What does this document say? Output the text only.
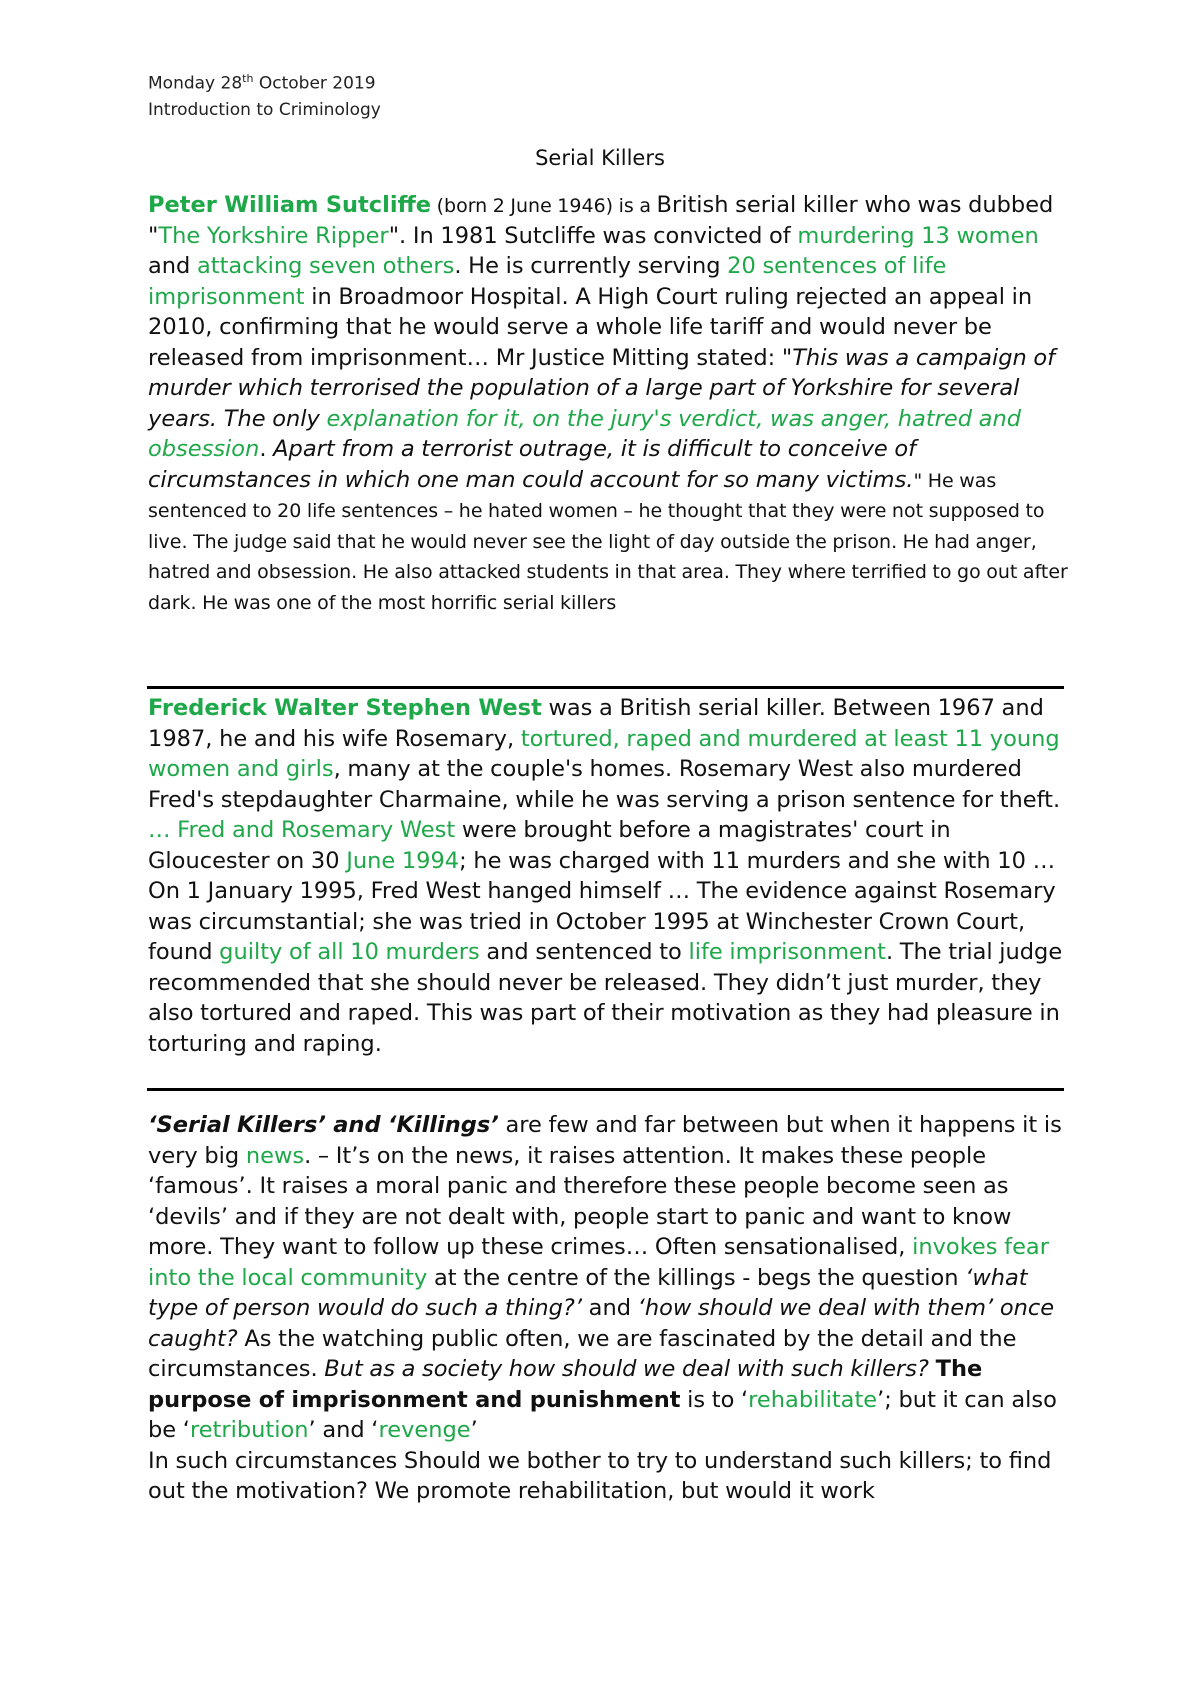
Monday 28th October 2019
Introduction to Criminology
Serial Killers
Peter William Sutcliffe (born 2 June 1946) is a British serial killer who was dubbed "The Yorkshire Ripper". In 1981 Sutcliffe was convicted of murdering 13 women and attacking seven others. He is currently serving 20 sentences of life imprisonment in Broadmoor Hospital. A High Court ruling rejected an appeal in 2010, confirming that he would serve a whole life tariff and would never be released from imprisonment… Mr Justice Mitting stated: "This was a campaign of murder which terrorised the population of a large part of Yorkshire for several years. The only explanation for it, on the jury's verdict, was anger, hatred and obsession. Apart from a terrorist outrage, it is difficult to conceive of circumstances in which one man could account for so many victims." He was sentenced to 20 life sentences – he hated women – he thought that they were not supposed to live. The judge said that he would never see the light of day outside the prison. He had anger, hatred and obsession. He also attacked students in that area. They where terrified to go out after dark. He was one of the most horrific serial killers
Frederick Walter Stephen West was a British serial killer. Between 1967 and 1987, he and his wife Rosemary, tortured, raped and murdered at least 11 young women and girls, many at the couple's homes. Rosemary West also murdered Fred's stepdaughter Charmaine, while he was serving a prison sentence for theft. … Fred and Rosemary West were brought before a magistrates' court in Gloucester on 30 June 1994; he was charged with 11 murders and she with 10 …On 1 January 1995, Fred West hanged himself … The evidence against Rosemary was circumstantial; she was tried in October 1995 at Winchester Crown Court, found guilty of all 10 murders and sentenced to life imprisonment. The trial judge recommended that she should never be released. They didn’t just murder, they also tortured and raped. This was part of their motivation as they had pleasure in torturing and raping.
‘Serial Killers’ and ‘Killings’ are few and far between but when it happens it is very big news. – It’s on the news, it raises attention. It makes these people ‘famous’. It raises a moral panic and therefore these people become seen as ‘devils’ and if they are not dealt with, people start to panic and want to know more. They want to follow up these crimes… Often sensationalised, invokes fear into the local community at the centre of the killings - begs the question ‘what type of person would do such a thing?’ and ‘how should we deal with them’ once caught? As the watching public often, we are fascinated by the detail and the circumstances. But as a society how should we deal with such killers? The purpose of imprisonment and punishment is to ‘rehabilitate’; but it can also be ‘retribution’ and ‘revenge’
In such circumstances Should we bother to try to understand such killers; to find out the motivation? We promote rehabilitation, but would it work
